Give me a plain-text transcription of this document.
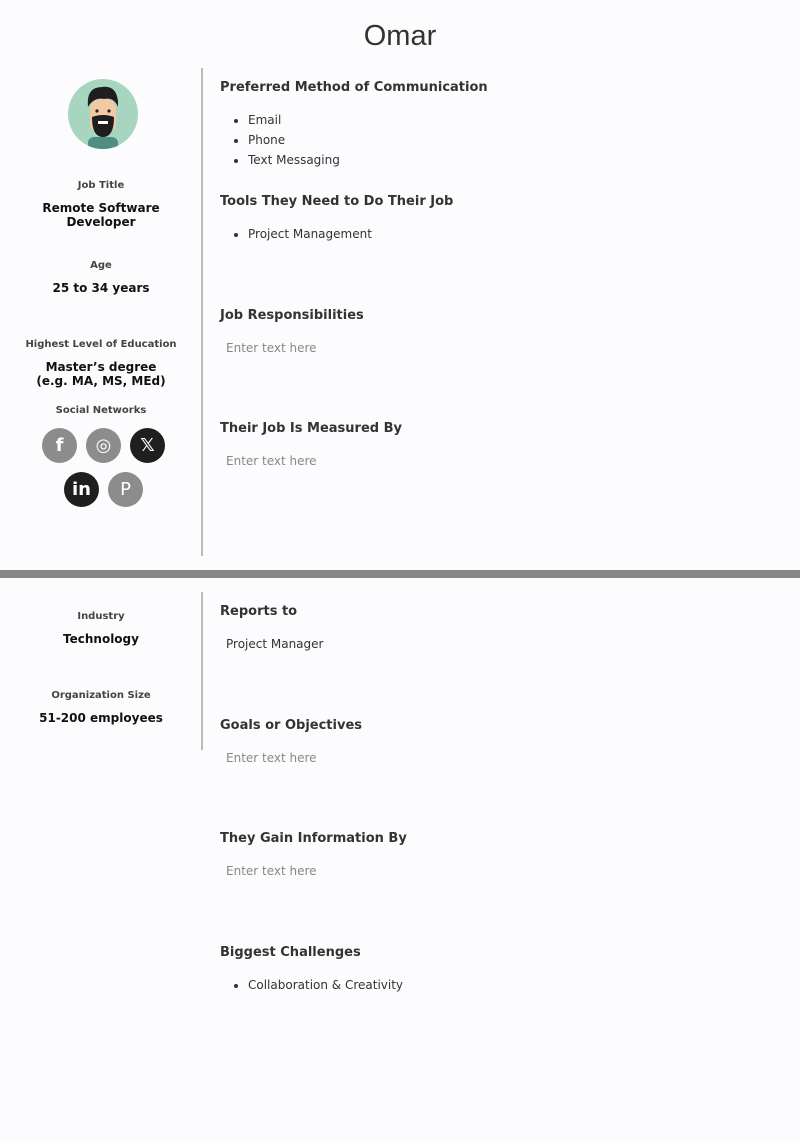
Omar
Job Title
Remote Software Developer
Age
25 to 34 years
Highest Level of Education
Master’s degree (e.g. MA, MS, MEd)
Social Networks
f	◎	𝕏
in	P
Preferred Method of Communication
• Email
• Phone
• Text Messaging
Tools They Need to Do Their Job
• Project Management
Job Responsibilities
Enter text here
Their Job Is Measured By
Enter text here
Industry
Technology
Organization Size
51-200 employees
Reports to
Project Manager
Goals or Objectives
Enter text here
They Gain Information By
Enter text here
Biggest Challenges
• Collaboration & Creativity
